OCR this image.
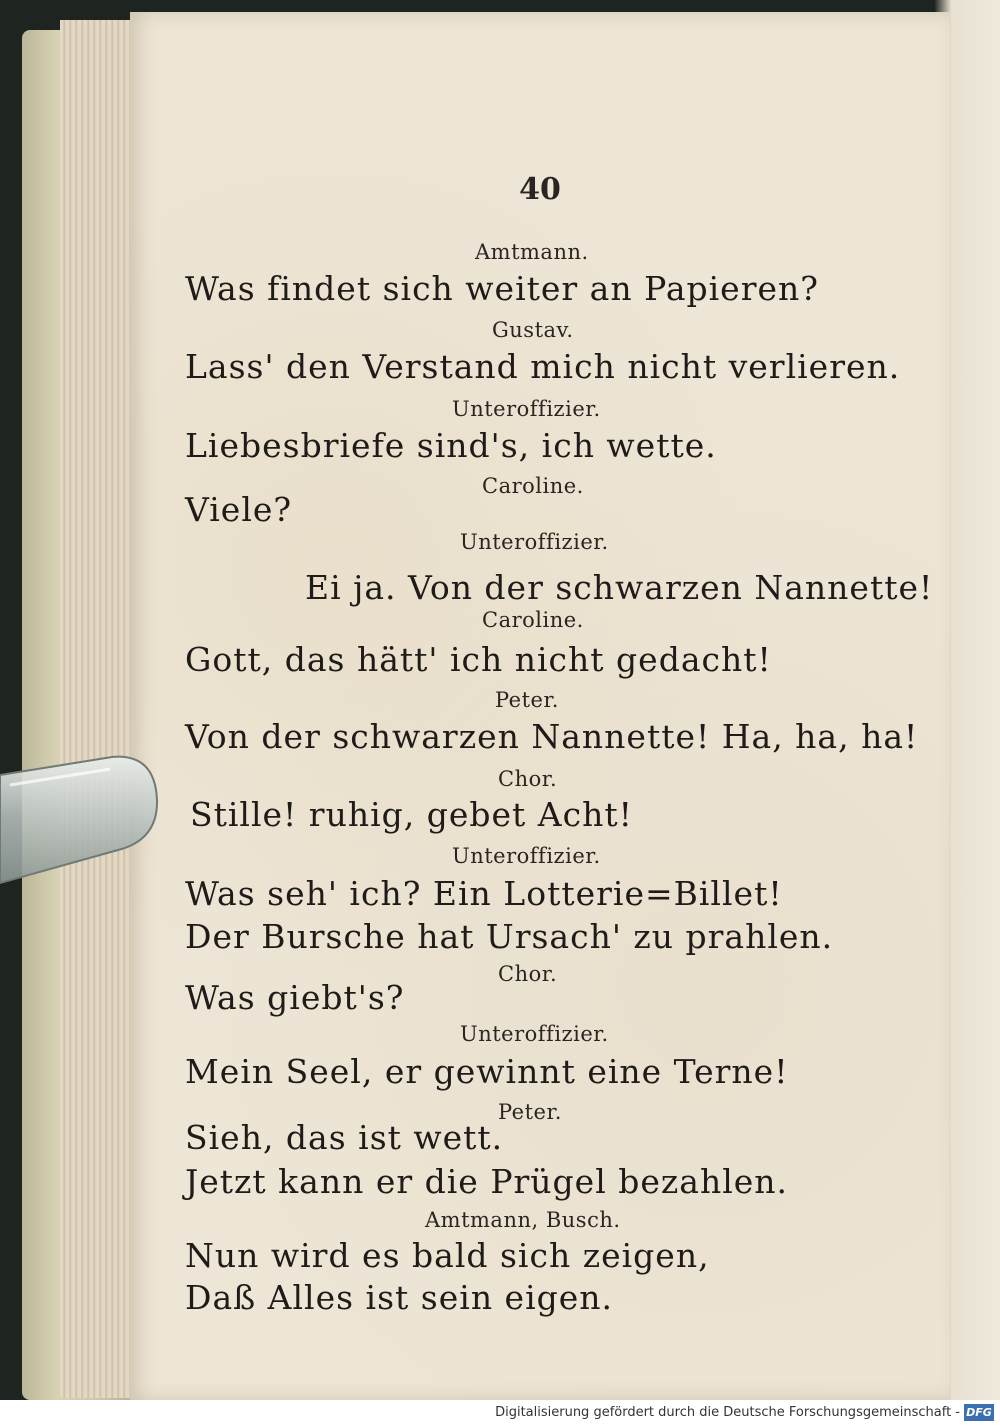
40
Amtmann.
Was findet sich weiter an Papieren?
Gustav.
Lass' den Verstand mich nicht verlieren.
Unteroffizier.
Liebesbriefe sind's, ich wette.
Caroline.
Viele?
Unteroffizier.
Ei ja. Von der schwarzen Nannette!
Caroline.
Gott, das hätt' ich nicht gedacht!
Peter.
Von der schwarzen Nannette! Ha, ha, ha!
Chor.
Stille! ruhig, gebet Acht!
Unteroffizier.
Was seh' ich? Ein Lotterie=Billet!
Der Bursche hat Ursach' zu prahlen.
Chor.
Was giebt's?
Unteroffizier.
Mein Seel, er gewinnt eine Terne!
Peter.
Sieh, das ist wett.
Jetzt kann er die Prügel bezahlen.
Amtmann, Busch.
Nun wird es bald sich zeigen,
Daß Alles ist sein eigen.
Digitalisierung gefördert durch die Deutsche Forschungsgemeinschaft - DFG
